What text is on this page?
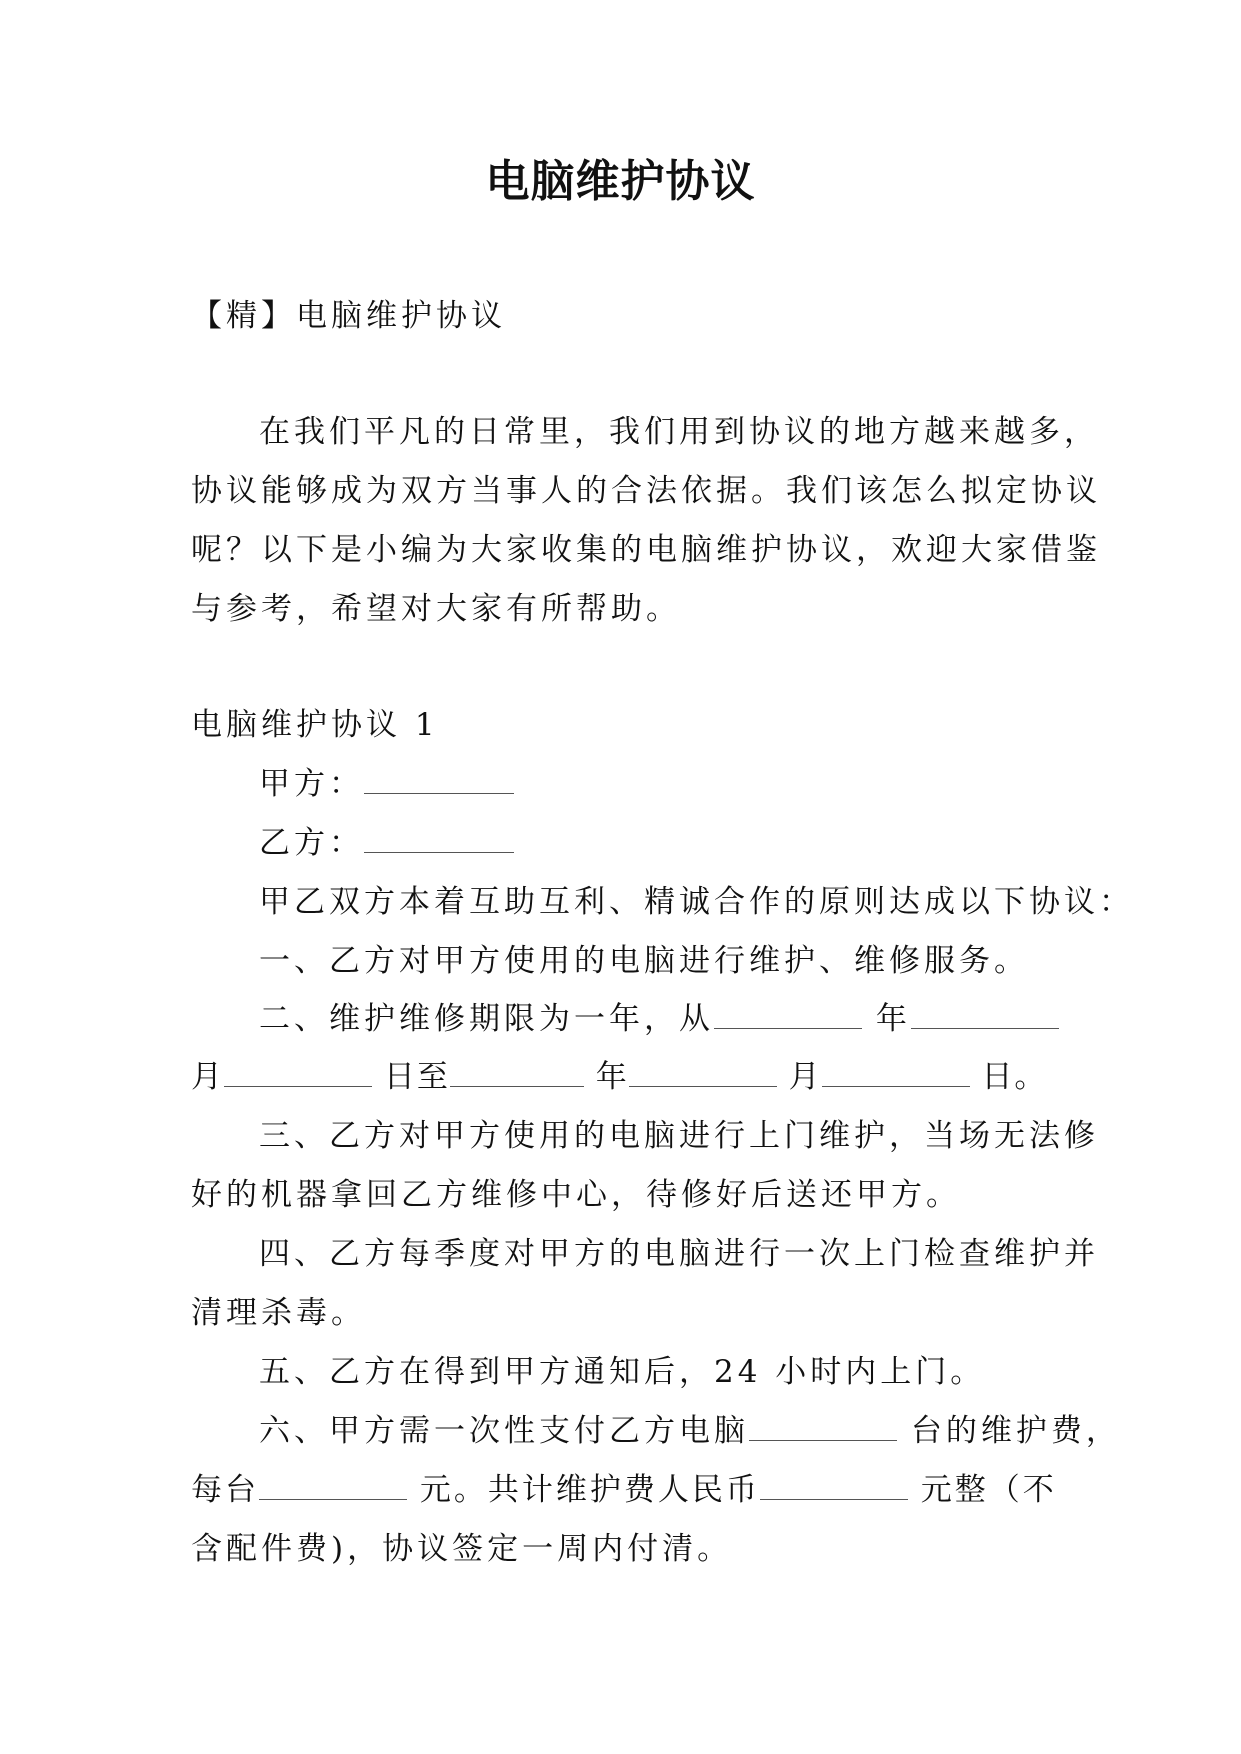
电脑维护协议
【精】电脑维护协议
在我们平凡的日常里，我们用到协议的地方越来越多，
协议能够成为双方当事人的合法依据。我们该怎么拟定协议
呢？以下是小编为大家收集的电脑维护协议，欢迎大家借鉴
与参考，希望对大家有所帮助。
电脑维护协议 1
甲方：
乙方：
甲乙双方本着互助互利、精诚合作的原则达成以下协议：
一、乙方对甲方使用的电脑进行维护、维修服务。
二、维护维修期限为一年，从	年
月	日至	年	月	日。
三、乙方对甲方使用的电脑进行上门维护，当场无法修
好的机器拿回乙方维修中心，待修好后送还甲方。
四、乙方每季度对甲方的电脑进行一次上门检查维护并
清理杀毒。
五、乙方在得到甲方通知后，24 小时内上门。
六、甲方需一次性支付乙方电脑	台的维护费，
每台	元。共计维护费人民币	元整（不
含配件费)，协议签定一周内付清。
